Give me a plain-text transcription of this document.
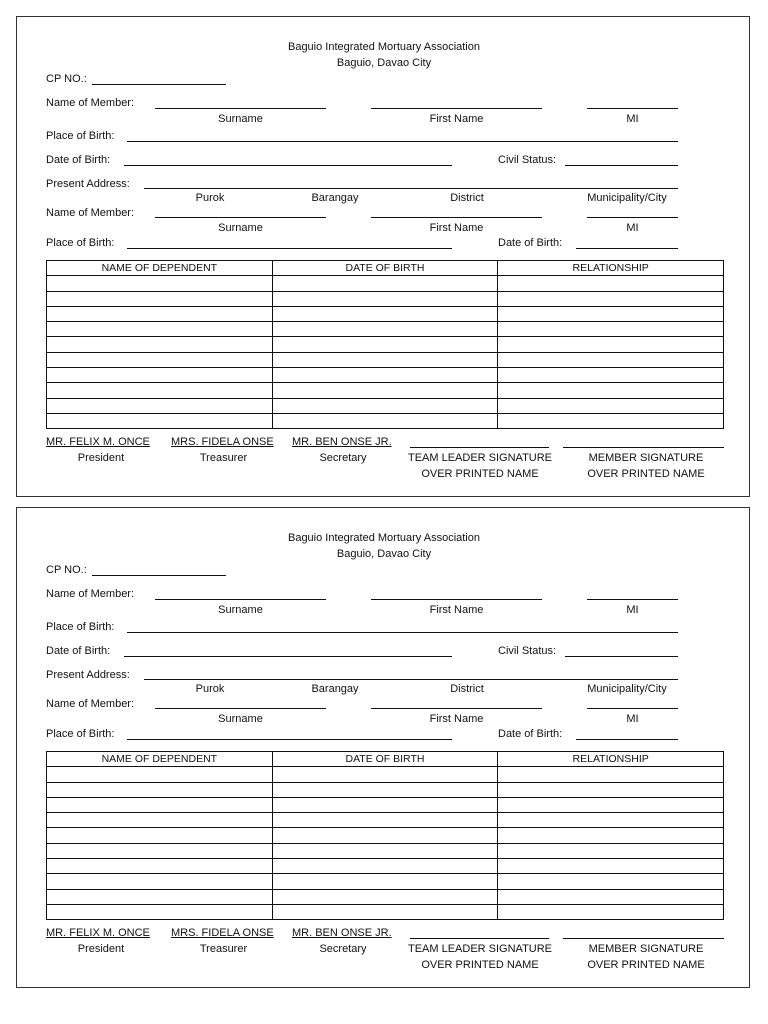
Baguio Integrated Mortuary Association
Baguio, Davao City
CP NO.:
Name of Member:
Surname	First Name	MI
Place of Birth:
Date of Birth:	Civil Status:
Present Address:
Purok	Barangay	District	Municipality/City
Name of Member:
Surname	First Name	MI
Place of Birth:	Date of Birth:
NAME OF DEPENDENT	DATE OF BIRTH	RELATIONSHIP

MR. FELIX M. ONCE
President
MRS. FIDELA ONSE
Treasurer
MR. BEN ONSE JR.
Secretary	TEAM LEADER SIGNATURE
OVER PRINTED NAME
MEMBER SIGNATURE
OVER PRINTED NAME
Baguio Integrated Mortuary Association
Baguio, Davao City
CP NO.:
Name of Member:
Surname	First Name	MI
Place of Birth:
Date of Birth:	Civil Status:
Present Address:
Purok	Barangay	District	Municipality/City
Name of Member:
Surname	First Name	MI
Place of Birth:	Date of Birth:
NAME OF DEPENDENT	DATE OF BIRTH	RELATIONSHIP

MR. FELIX M. ONCE
President
MRS. FIDELA ONSE
Treasurer
MR. BEN ONSE JR.
Secretary	TEAM LEADER SIGNATURE
OVER PRINTED NAME
MEMBER SIGNATURE
OVER PRINTED NAME
